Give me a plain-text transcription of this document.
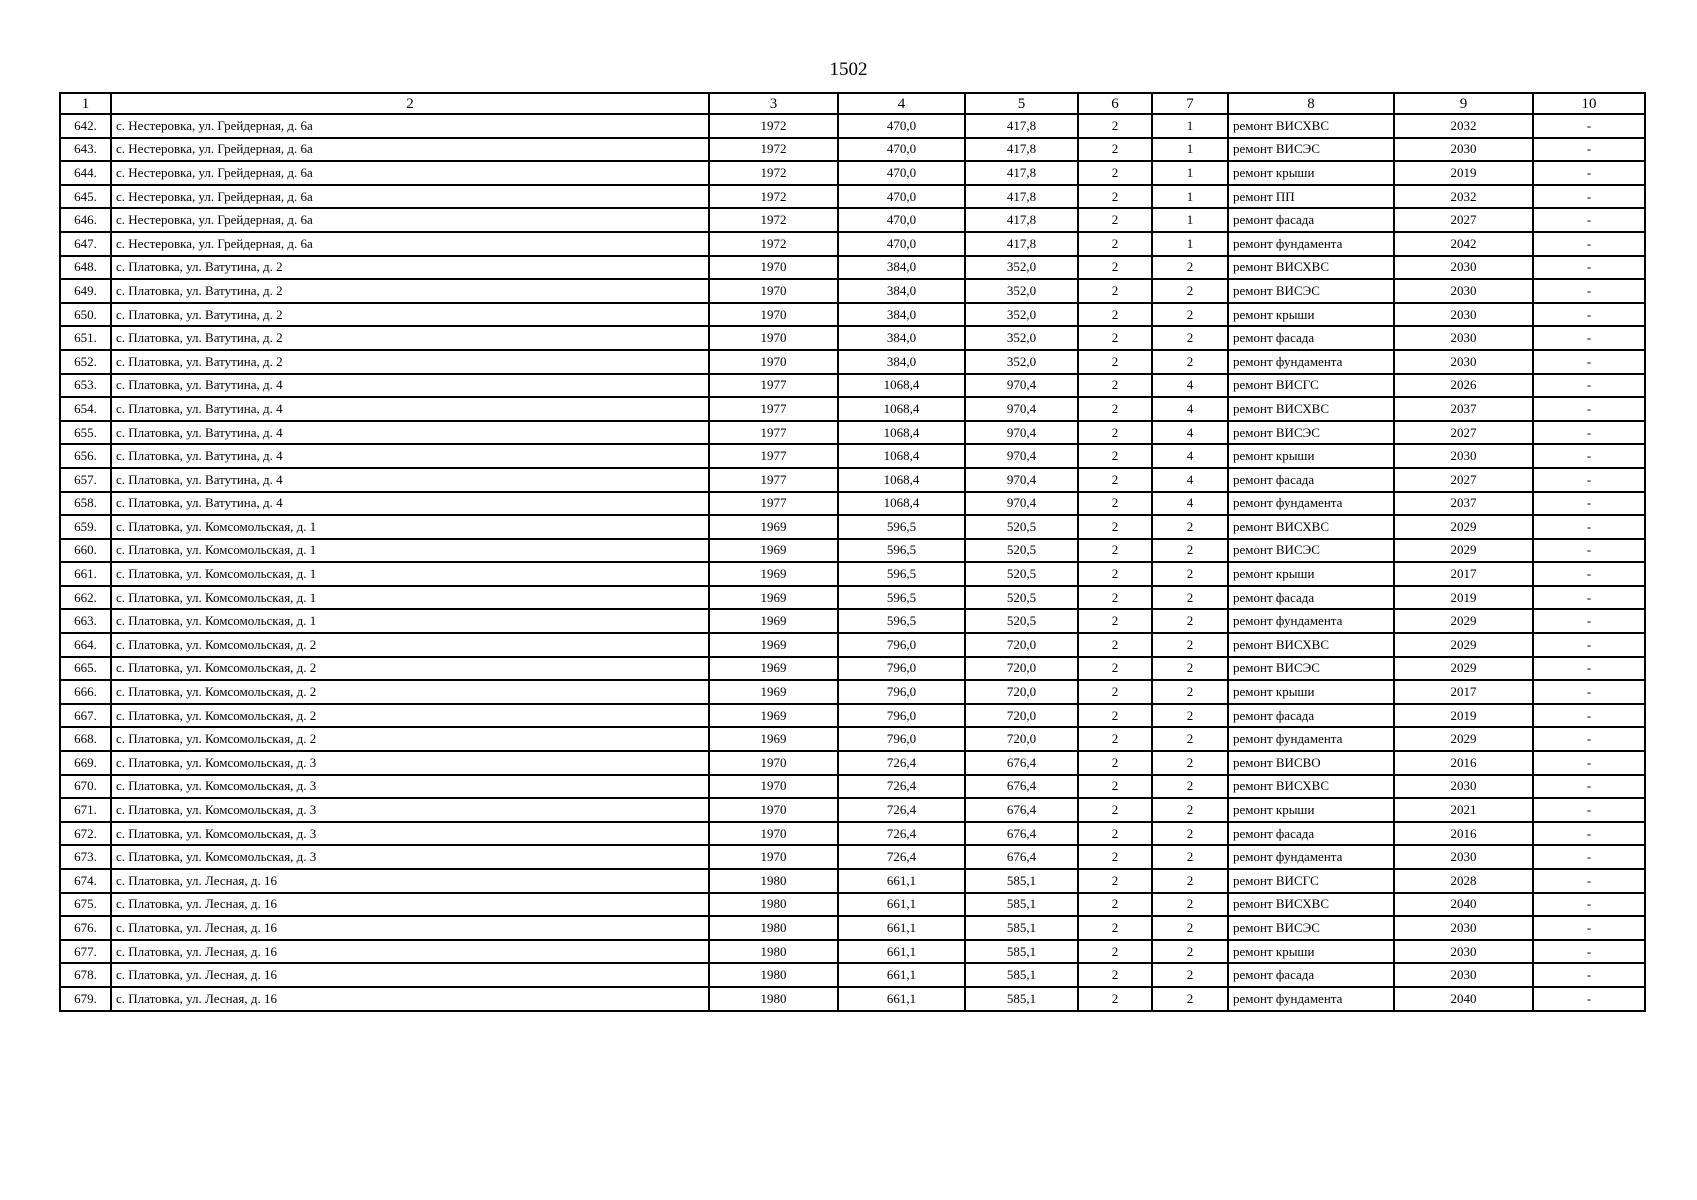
1502
1	2	3	4	5	6	7	8	9	10
642.	с. Нестеровка, ул. Грейдерная, д. 6а	1972	470,0	417,8	2	1	ремонт ВИСХВС	2032	-
643.	с. Нестеровка, ул. Грейдерная, д. 6а	1972	470,0	417,8	2	1	ремонт ВИСЭС	2030	-
644.	с. Нестеровка, ул. Грейдерная, д. 6а	1972	470,0	417,8	2	1	ремонт крыши	2019	-
645.	с. Нестеровка, ул. Грейдерная, д. 6а	1972	470,0	417,8	2	1	ремонт ПП	2032	-
646.	с. Нестеровка, ул. Грейдерная, д. 6а	1972	470,0	417,8	2	1	ремонт фасада	2027	-
647.	с. Нестеровка, ул. Грейдерная, д. 6а	1972	470,0	417,8	2	1	ремонт фундамента	2042	-
648.	с. Платовка, ул. Ватутина, д. 2	1970	384,0	352,0	2	2	ремонт ВИСХВС	2030	-
649.	с. Платовка, ул. Ватутина, д. 2	1970	384,0	352,0	2	2	ремонт ВИСЭС	2030	-
650.	с. Платовка, ул. Ватутина, д. 2	1970	384,0	352,0	2	2	ремонт крыши	2030	-
651.	с. Платовка, ул. Ватутина, д. 2	1970	384,0	352,0	2	2	ремонт фасада	2030	-
652.	с. Платовка, ул. Ватутина, д. 2	1970	384,0	352,0	2	2	ремонт фундамента	2030	-
653.	с. Платовка, ул. Ватутина, д. 4	1977	1068,4	970,4	2	4	ремонт ВИСГС	2026	-
654.	с. Платовка, ул. Ватутина, д. 4	1977	1068,4	970,4	2	4	ремонт ВИСХВС	2037	-
655.	с. Платовка, ул. Ватутина, д. 4	1977	1068,4	970,4	2	4	ремонт ВИСЭС	2027	-
656.	с. Платовка, ул. Ватутина, д. 4	1977	1068,4	970,4	2	4	ремонт крыши	2030	-
657.	с. Платовка, ул. Ватутина, д. 4	1977	1068,4	970,4	2	4	ремонт фасада	2027	-
658.	с. Платовка, ул. Ватутина, д. 4	1977	1068,4	970,4	2	4	ремонт фундамента	2037	-
659.	с. Платовка, ул. Комсомольская, д. 1	1969	596,5	520,5	2	2	ремонт ВИСХВС	2029	-
660.	с. Платовка, ул. Комсомольская, д. 1	1969	596,5	520,5	2	2	ремонт ВИСЭС	2029	-
661.	с. Платовка, ул. Комсомольская, д. 1	1969	596,5	520,5	2	2	ремонт крыши	2017	-
662.	с. Платовка, ул. Комсомольская, д. 1	1969	596,5	520,5	2	2	ремонт фасада	2019	-
663.	с. Платовка, ул. Комсомольская, д. 1	1969	596,5	520,5	2	2	ремонт фундамента	2029	-
664.	с. Платовка, ул. Комсомольская, д. 2	1969	796,0	720,0	2	2	ремонт ВИСХВС	2029	-
665.	с. Платовка, ул. Комсомольская, д. 2	1969	796,0	720,0	2	2	ремонт ВИСЭС	2029	-
666.	с. Платовка, ул. Комсомольская, д. 2	1969	796,0	720,0	2	2	ремонт крыши	2017	-
667.	с. Платовка, ул. Комсомольская, д. 2	1969	796,0	720,0	2	2	ремонт фасада	2019	-
668.	с. Платовка, ул. Комсомольская, д. 2	1969	796,0	720,0	2	2	ремонт фундамента	2029	-
669.	с. Платовка, ул. Комсомольская, д. 3	1970	726,4	676,4	2	2	ремонт ВИСВО	2016	-
670.	с. Платовка, ул. Комсомольская, д. 3	1970	726,4	676,4	2	2	ремонт ВИСХВС	2030	-
671.	с. Платовка, ул. Комсомольская, д. 3	1970	726,4	676,4	2	2	ремонт крыши	2021	-
672.	с. Платовка, ул. Комсомольская, д. 3	1970	726,4	676,4	2	2	ремонт фасада	2016	-
673.	с. Платовка, ул. Комсомольская, д. 3	1970	726,4	676,4	2	2	ремонт фундамента	2030	-
674.	с. Платовка, ул. Лесная, д. 16	1980	661,1	585,1	2	2	ремонт ВИСГС	2028	-
675.	с. Платовка, ул. Лесная, д. 16	1980	661,1	585,1	2	2	ремонт ВИСХВС	2040	-
676.	с. Платовка, ул. Лесная, д. 16	1980	661,1	585,1	2	2	ремонт ВИСЭС	2030	-
677.	с. Платовка, ул. Лесная, д. 16	1980	661,1	585,1	2	2	ремонт крыши	2030	-
678.	с. Платовка, ул. Лесная, д. 16	1980	661,1	585,1	2	2	ремонт фасада	2030	-
679.	с. Платовка, ул. Лесная, д. 16	1980	661,1	585,1	2	2	ремонт фундамента	2040	-
